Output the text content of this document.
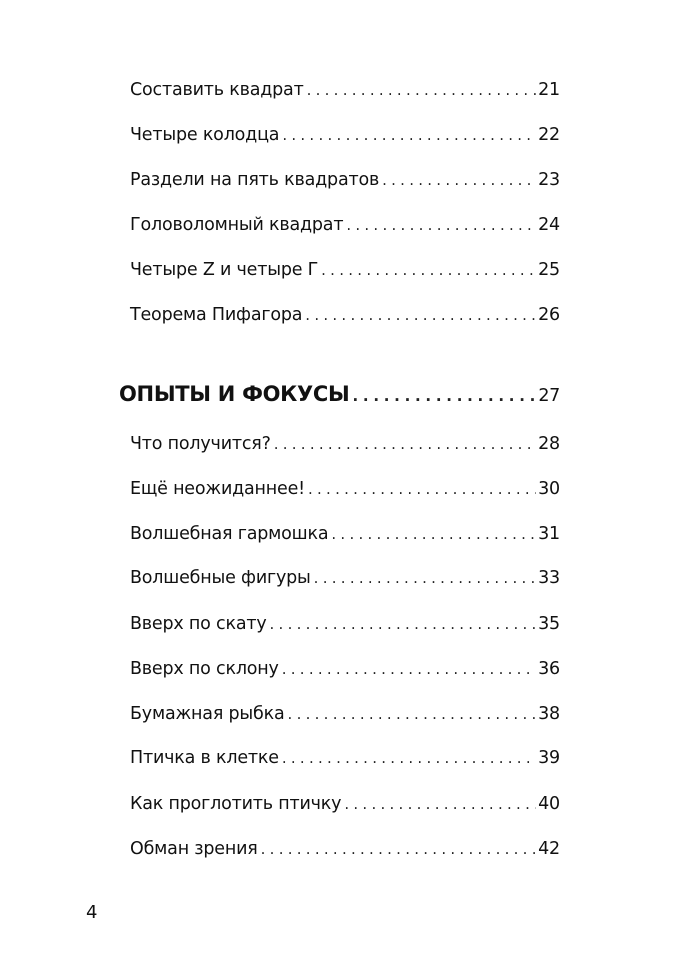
Составить квадрат . . .	21
Четыре колодца . . .	22
Раздели на пять квадратов . . .	23
Головоломный квадрат . . .	24
Четыре Z и четыре Г . . .	25
Теорема Пифагора . . .	26
ОПЫТЫ И ФОКУСЫ . . .	27
Что получится? . . .	28
Ещё неожиданнее! . . .	30
Волшебная гармошка . . .	31
Волшебные фигуры . . .	33
Вверх по скату . . .	35
Вверх по склону . . .	36
Бумажная рыбка . . .	38
Птичка в клетке . . .	39
Как проглотить птичку . . .	40
Обман зрения . . .	42
4
